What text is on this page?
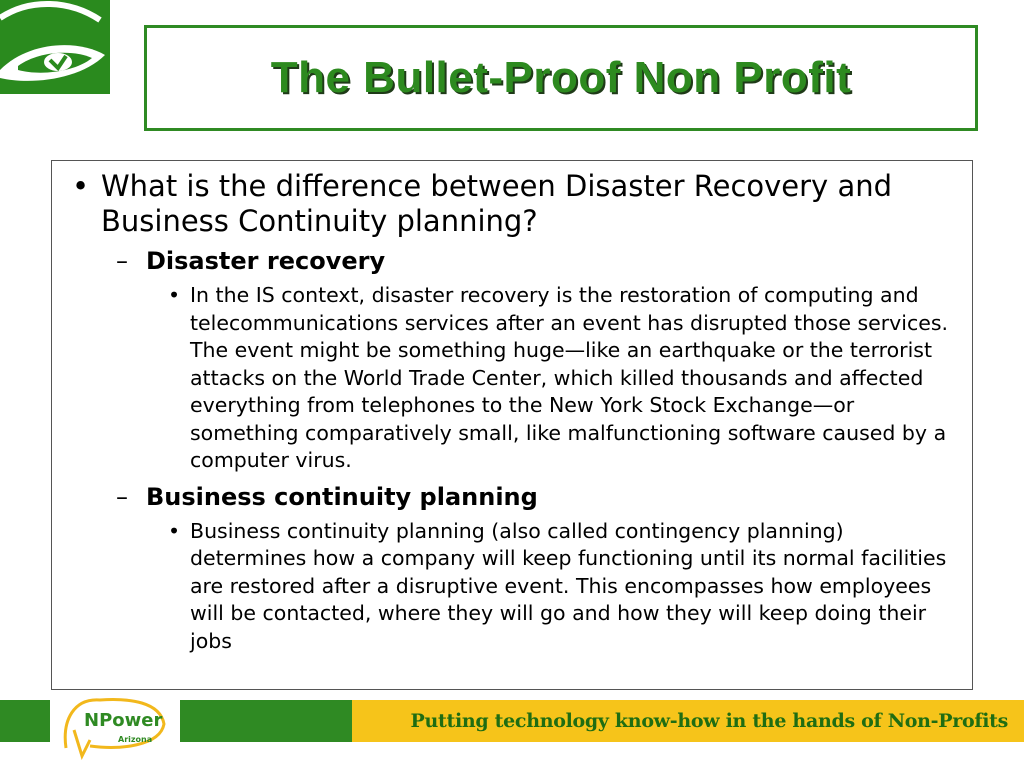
The Bullet-Proof Non Profit
• What is the difference between Disaster Recovery and Business Continuity planning?
– Disaster recovery
• In the IS context, disaster recovery is the restoration of computing and telecommunications services after an event has disrupted those services. The event might be something huge—like an earthquake or the terrorist attacks on the World Trade Center, which killed thousands and affected everything from telephones to the New York Stock Exchange—or something comparatively small, like malfunctioning software caused by a computer virus.
– Business continuity planning
• Business continuity planning (also called contingency planning) determines how a company will keep functioning until its normal facilities are restored after a disruptive event. This encompasses how employees will be contacted, where they will go and how they will keep doing their jobs
Putting technology know-how in the hands of Non-Profits
NPower
Arizona
